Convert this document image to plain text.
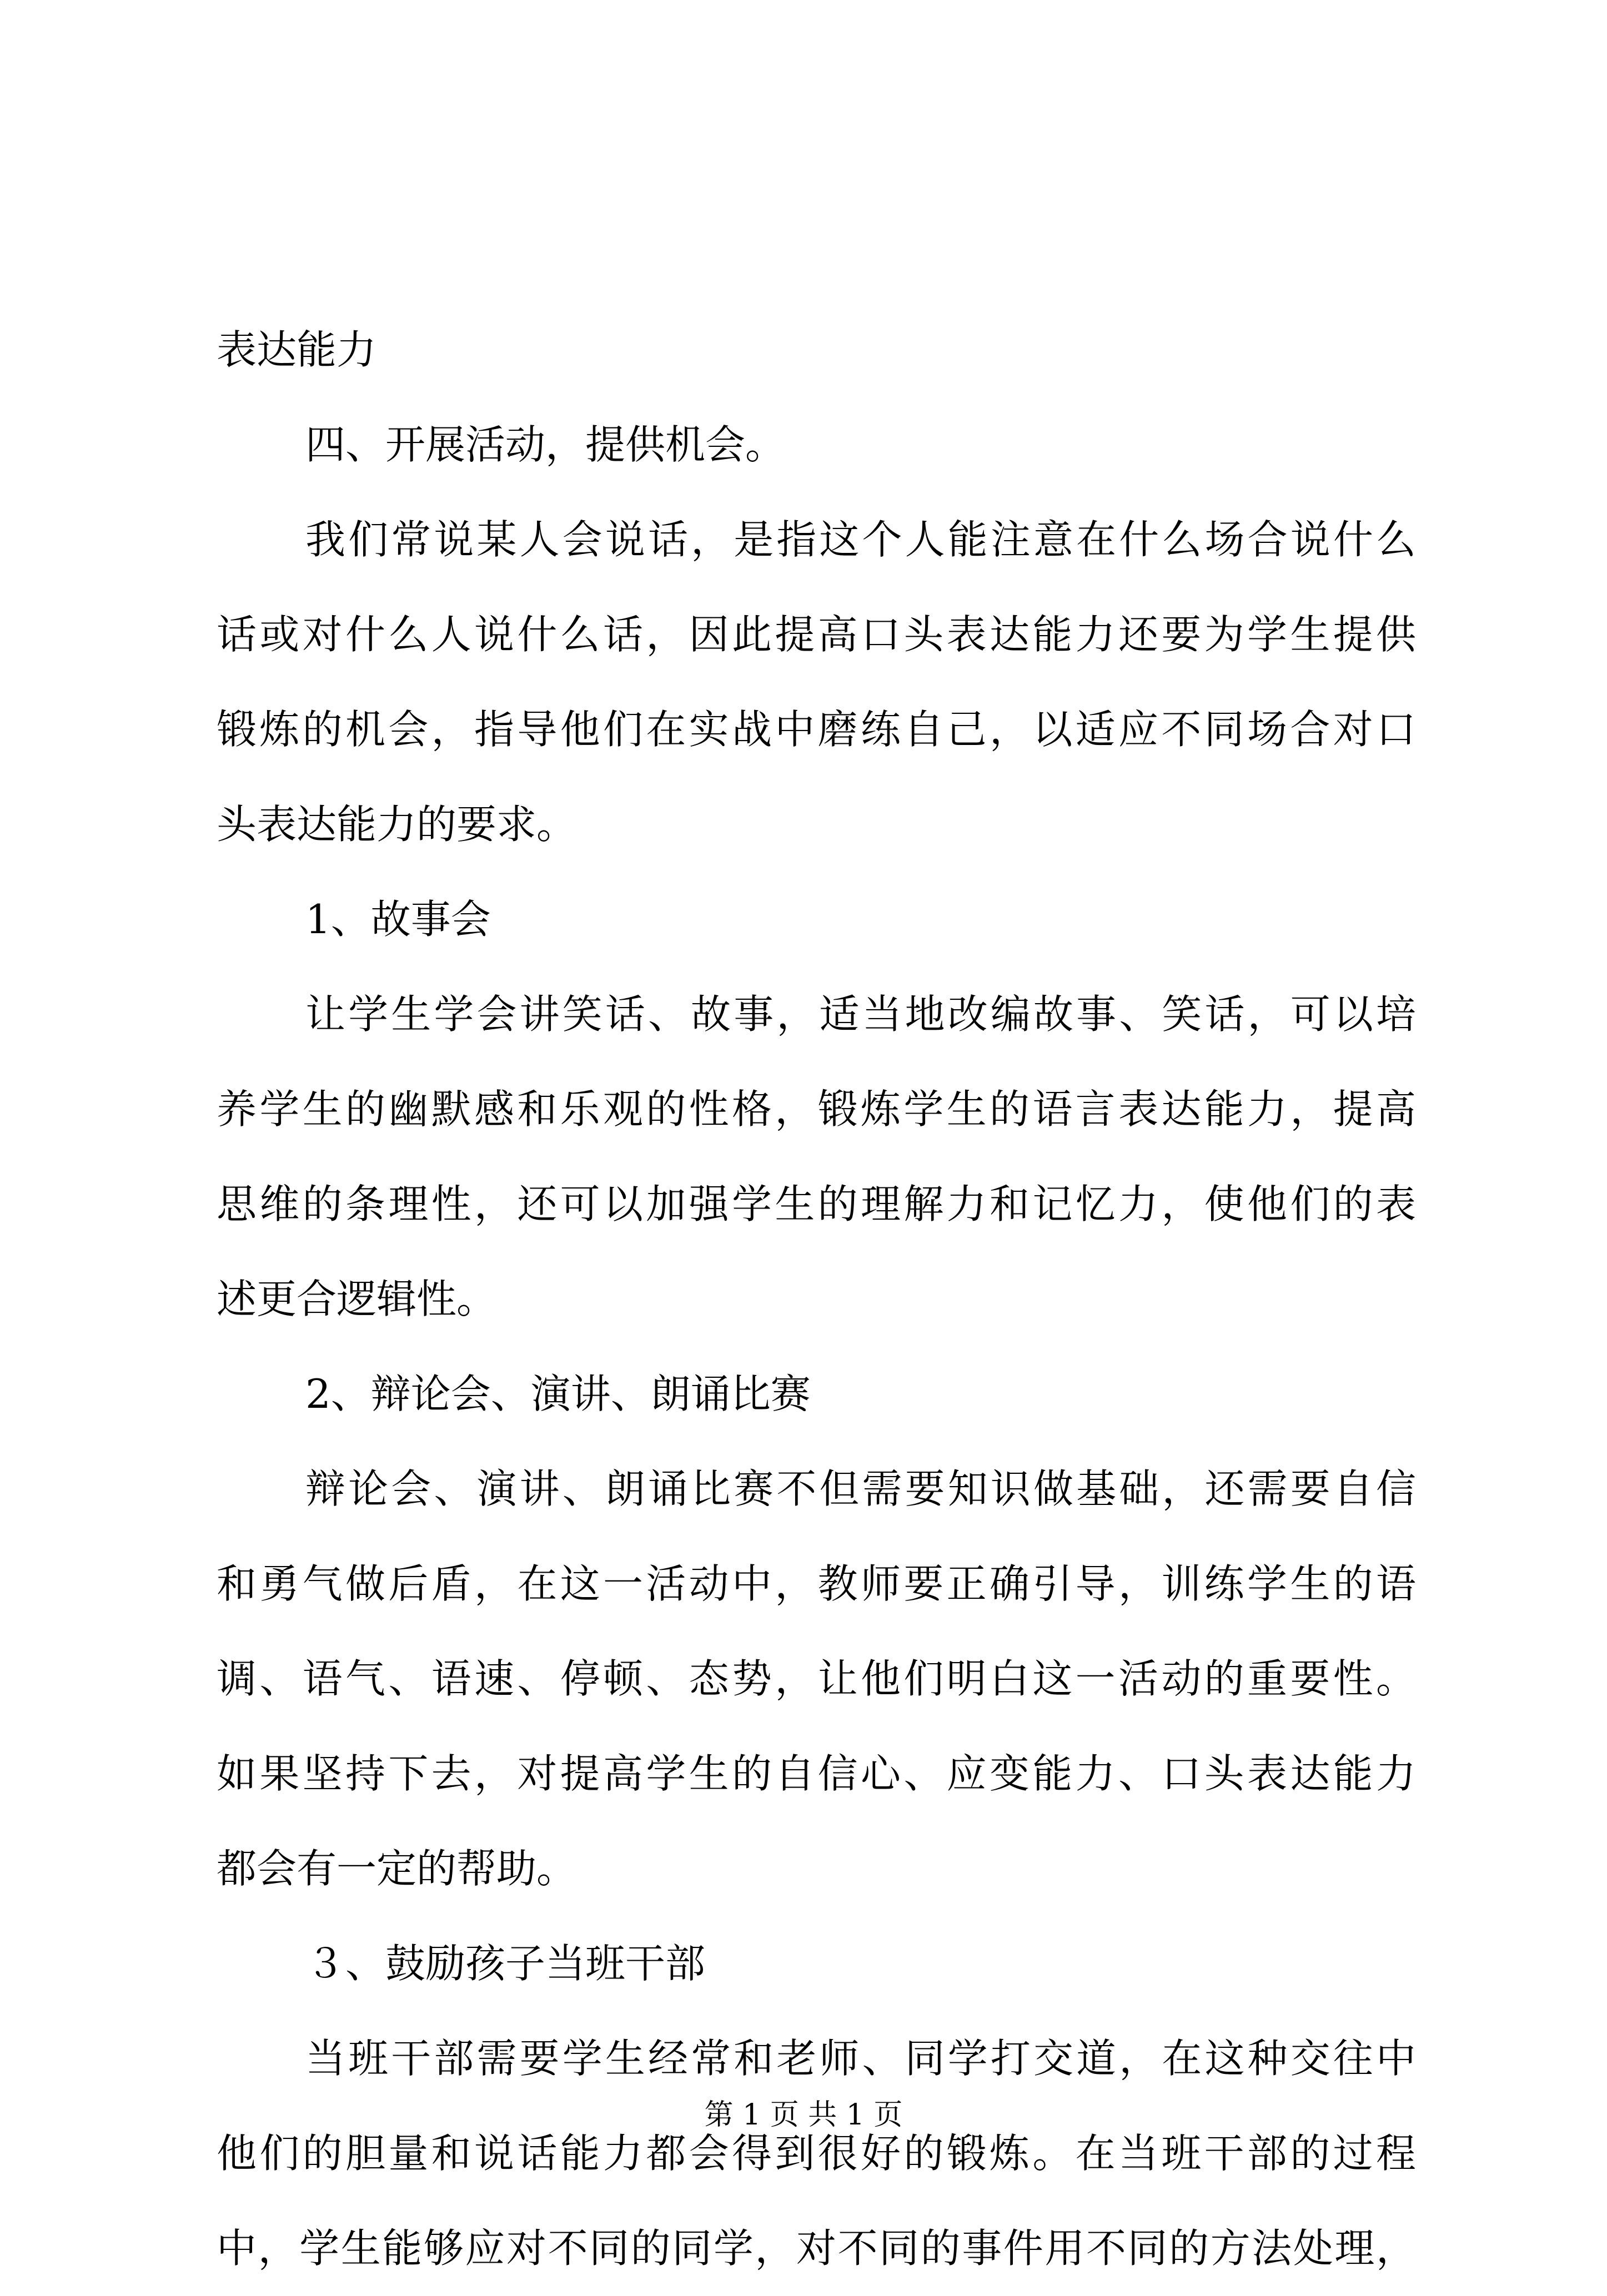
表达能力
四、开展活动，提供机会。
我们常说某人会说话，是指这个人能注意在什么场合说什么
话或对什么人说什么话，因此提高口头表达能力还要为学生提供
锻炼的机会，指导他们在实战中磨练自己，以适应不同场合对口
头表达能力的要求。
1、故事会
让学生学会讲笑话、故事，适当地改编故事、笑话，可以培
养学生的幽默感和乐观的性格，锻炼学生的语言表达能力，提高
思维的条理性，还可以加强学生的理解力和记忆力，使他们的表
述更合逻辑性。
2、辩论会、演讲、朗诵比赛
辩论会、演讲、朗诵比赛不但需要知识做基础，还需要自信
和勇气做后盾，在这一活动中，教师要正确引导，训练学生的语
调、语气、语速、停顿、态势，让他们明白这一活动的重要性。
如果坚持下去，对提高学生的自信心、应变能力、口头表达能力
都会有一定的帮助。
３、鼓励孩子当班干部
当班干部需要学生经常和老师、同学打交道，在这种交往中
他们的胆量和说话能力都会得到很好的锻炼。在当班干部的过程
中，学生能够应对不同的同学，对不同的事件用不同的方法处理，
第 1 页 共 1 页
